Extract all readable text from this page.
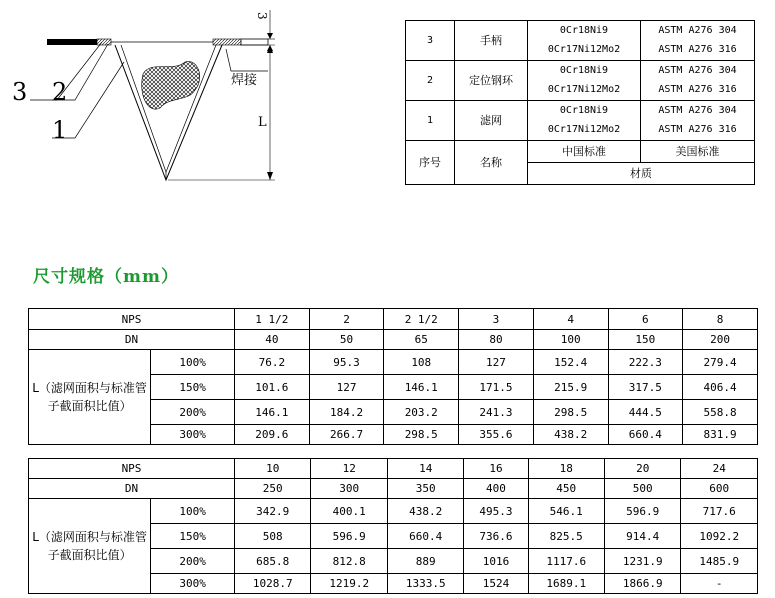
L
3
焊接
3 2
1
3	手柄	0Cr18Ni9	ASTM A276 304
		0Cr17Ni12Mo2	ASTM A276 316
2	定位钢环	0Cr18Ni9	ASTM A276 304
		0Cr17Ni12Mo2	ASTM A276 316
1	滤网	0Cr18Ni9	ASTM A276 304
		0Cr17Ni12Mo2	ASTM A276 316
序号	名称	中国标准	美国标准
		材质	
尺寸规格（mm）
NPS		1 1/2	2	2 1/2	3	4	6	8
DN		40	50	65	80	100	150	200
L（滤网面积与标准管子截面积比值）	100%	76.2	95.3	108	127	152.4	222.3	279.4
	150%	101.6	127	146.1	171.5	215.9	317.5	406.4
	200%	146.1	184.2	203.2	241.3	298.5	444.5	558.8
	300%	209.6	266.7	298.5	355.6	438.2	660.4	831.9
NPS		10	12	14	16	18	20	24
DN		250	300	350	400	450	500	600
L（滤网面积与标准管子截面积比值）	100%	342.9	400.1	438.2	495.3	546.1	596.9	717.6
	150%	508	596.9	660.4	736.6	825.5	914.4	1092.2
	200%	685.8	812.8	889	1016	1117.6	1231.9	1485.9
	300%	1028.7	1219.2	1333.5	1524	1689.1	1866.9	-
